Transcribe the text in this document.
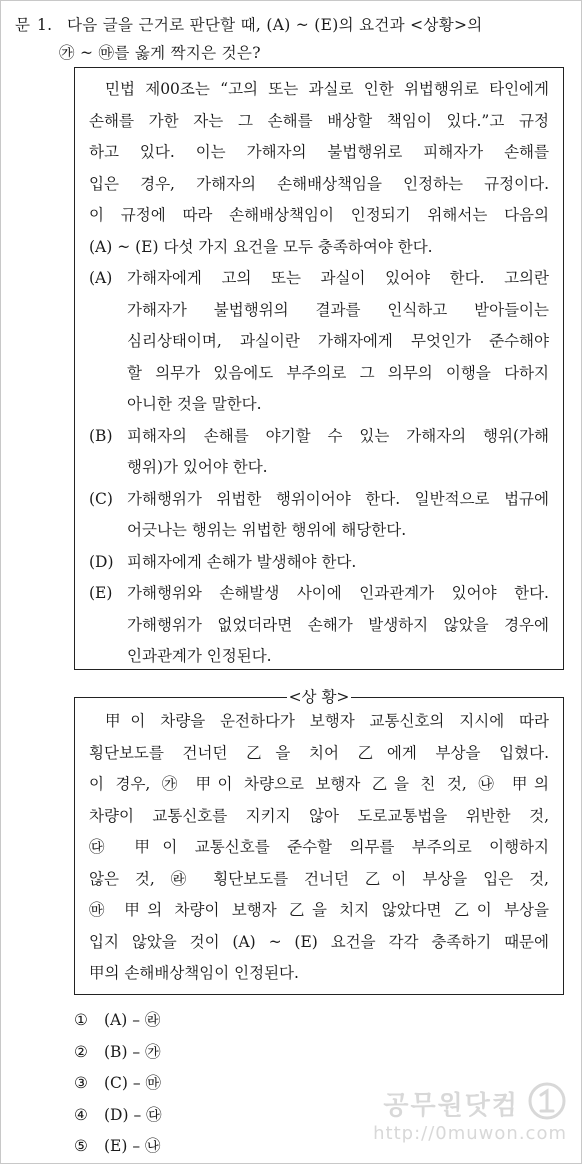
문 1. 다음 글을 근거로 판단할 때, (A) ~ (E)의 요건과 <상황>의
㉮ ~ ㉲를 옳게 짝지은 것은?

민법 제00조는 “고의 또는 과실로 인한 위법행위로 타인에게
손해를 가한 자는 그 손해를 배상할 책임이 있다.”고 규정
하고 있다. 이는 가해자의 불법행위로 피해자가 손해를
입은 경우, 가해자의 손해배상책임을 인정하는 규정이다.
이 규정에 따라 손해배상책임이 인정되기 위해서는 다음의
(A) ~ (E) 다섯 가지 요건을 모두 충족하여야 한다.

(A) 가해자에게 고의 또는 과실이 있어야 한다. 고의란
가해자가 불법행위의 결과를 인식하고 받아들이는
심리상태이며, 과실이란 가해자에게 무엇인가 준수해야
할 의무가 있음에도 부주의로 그 의무의 이행을 다하지
아니한 것을 말한다.
(B) 피해자의 손해를 야기할 수 있는 가해자의 행위(가해
행위)가 있어야 한다.
(C) 가해행위가 위법한 행위이어야 한다. 일반적으로 법규에
어긋나는 행위는 위법한 행위에 해당한다.
(D) 피해자에게 손해가 발생해야 한다.
(E) 가해행위와 손해발생 사이에 인과관계가 있어야 한다.
가해행위가 없었더라면 손해가 발생하지 않았을 경우에
인과관계가 인정된다.
<상 황>

甲이 차량을 운전하다가 보행자 교통신호의 지시에 따라
횡단보도를 건너던 乙을 치어 乙에게 부상을 입혔다.
이 경우, ㉮ 甲이 차량으로 보행자 乙을 친 것, ㉯ 甲의
차량이 교통신호를 지키지 않아 도로교통법을 위반한 것,
㉰ 甲이 교통신호를 준수할 의무를 부주의로 이행하지
않은 것, ㉱ 횡단보도를 건너던 乙이 부상을 입은 것,
㉲ 甲의 차량이 보행자 乙을 치지 않았다면 乙이 부상을
입지 않았을 것이 (A) ~ (E) 요건을 각각 충족하기 때문에
甲의 손해배상책임이 인정된다.

①	(A) – ㉱
②	(B) – ㉮
③	(C) – ㉲
④	(D) – ㉰
⑤	(E) – ㉯
공무원닷컴
http://0muwon.com
